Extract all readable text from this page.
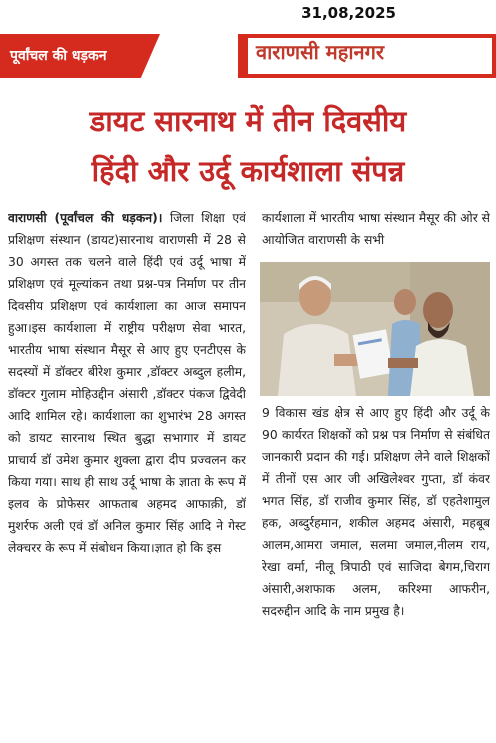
31,08,2025
पूर्वांचल की धड़कन	वाराणसी महानगर
डायट सारनाथ में तीन दिवसीय
हिंदी और उर्दू कार्यशाला संपन्न

वाराणसी (पूर्वांचल की धड़कन)। जिला शिक्षा एवं प्रशिक्षण संस्थान (डायट)सारनाथ वाराणसी में 28 से 30 अगस्त तक चलने वाले हिंदी एवं उर्दू भाषा में प्रशिक्षण एवं मूल्यांकन तथा प्रश्न-पत्र निर्माण पर तीन दिवसीय प्रशिक्षण एवं कार्यशाला का आज समापन हुआ।इस कार्यशाला में राष्ट्रीय परीक्षण सेवा भारत, भारतीय भाषा संस्थान मैसूर से आए हुए एनटीएस के सदस्यों में डॉक्टर बीरेश कुमार ,डॉक्टर अब्दुल हलीम, डॉक्टर गुलाम मोहिउद्दीन अंसारी ,डॉक्टर पंकज द्विवेदी आदि शामिल रहे। कार्यशाला का शुभारंभ 28 अगस्त को डायट सारनाथ स्थित बुद्धा सभागार में डायट प्राचार्य डॉ उमेश कुमार शुक्ला द्वारा दीप प्रज्वलन कर किया गया। साथ ही साथ उर्दू भाषा के ज्ञाता के रूप में इलव के प्रोफेसर आफताब अहमद आफाक़ी, डॉ मुशर्रफ अली एवं डॉ अनिल कुमार सिंह आदि ने गेस्ट लेक्चरर के रूप में संबोधन किया।ज्ञात हो कि इस

कार्यशाला में भारतीय भाषा संस्थान मैसूर की ओर से आयोजित वाराणसी के सभी

9 विकास खंड क्षेत्र से आए हुए हिंदी और उर्दू के 90 कार्यरत शिक्षकों को प्रश्न पत्र निर्माण से संबंधित जानकारी प्रदान की गई। प्रशिक्षण लेने वाले शिक्षकों में तीनों एस आर जी अखिलेश्वर गुप्ता, डॉ कंवर भगत सिंह, डॉ राजीव कुमार सिंह, डॉ एहतेशामुल हक, अब्दुर्रहमान, शकील अहमद अंसारी, महबूब आलम,आमरा जमाल, सलमा जमाल,नीलम राय, रेखा वर्मा, नीलू त्रिपाठी एवं साजिदा बेगम,चिराग अंसारी,अशफाक अलम, करिश्मा आफरीन, सदरुद्दीन आदि के नाम प्रमुख है।
